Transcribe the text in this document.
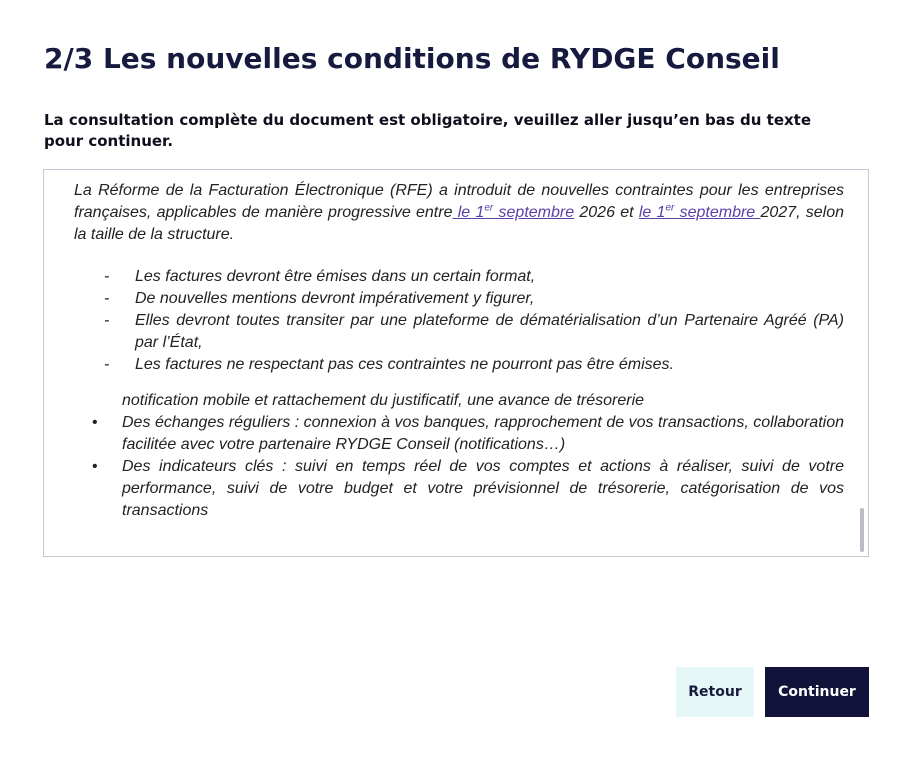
2/3 Les nouvelles conditions de RYDGE Conseil

La consultation complète du document est obligatoire, veuillez aller jusqu’en bas du texte pour continuer.

La Réforme de la Facturation Électronique (RFE) a introduit de nouvelles contraintes pour les entreprises françaises, applicables de manière progressive entre le 1er septembre 2026 et le 1er septembre 2027, selon la taille de la structure.

- Les factures devront être émises dans un certain format,
- De nouvelles mentions devront impérativement y figurer,
- Elles devront toutes transiter par une plateforme de dématérialisation d’un Partenaire Agréé (PA) par l’État,
- Les factures ne respectant pas ces contraintes ne pourront pas être émises.

notification mobile et rattachement du justificatif, une avance de trésorerie

• Des échanges réguliers : connexion à vos banques, rapprochement de vos transactions, collaboration facilitée avec votre partenaire RYDGE Conseil (notifications…)
• Des indicateurs clés : suivi en temps réel de vos comptes et actions à réaliser, suivi de votre performance, suivi de votre budget et votre prévisionnel de trésorerie, catégorisation de vos transactions
Retour	Continuer
